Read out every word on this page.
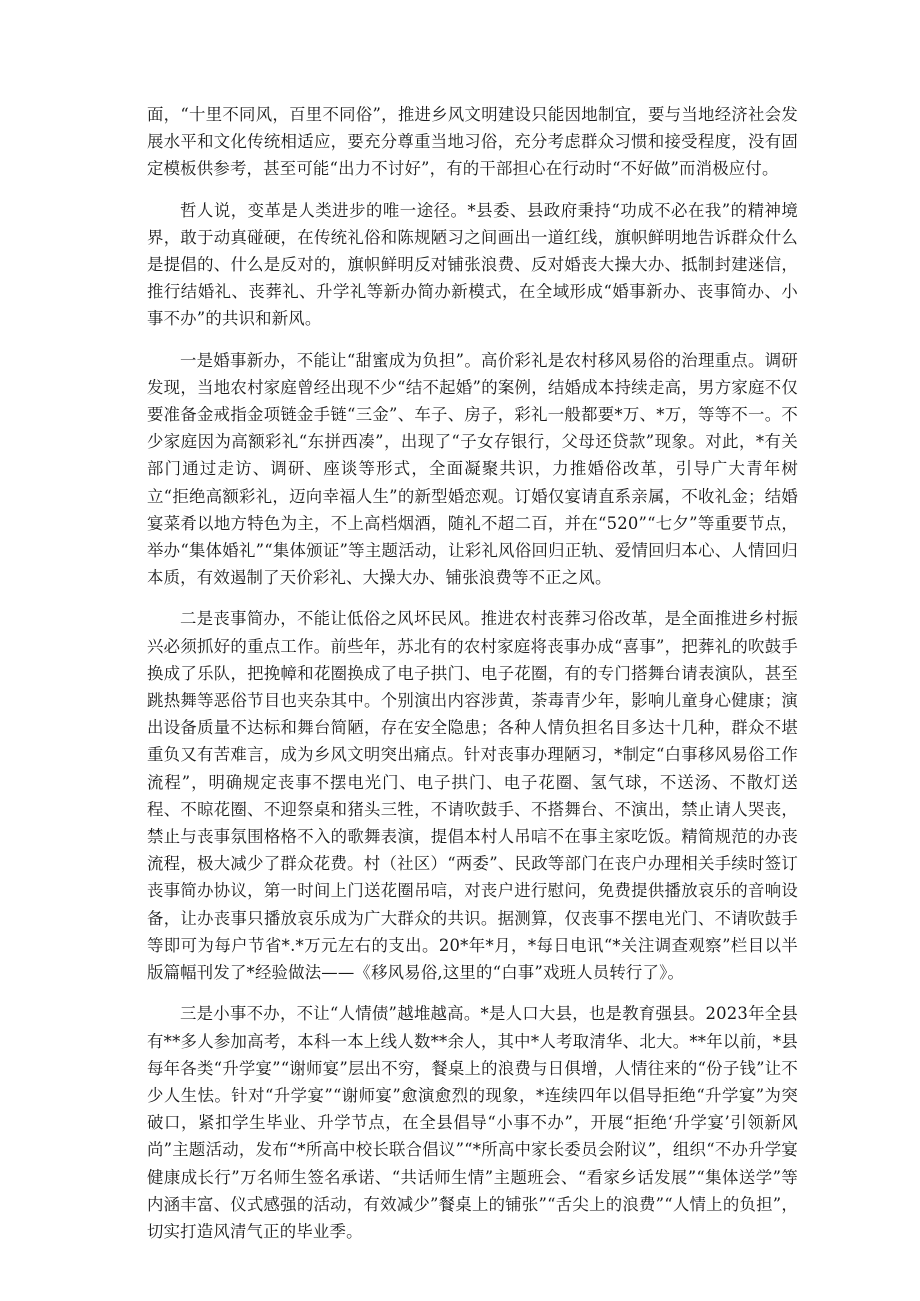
面，“十里不同风，百里不同俗”，推进乡风文明建设只能因地制宜，要与当地经济社会发展水平和文化传统相适应，要充分尊重当地习俗，充分考虑群众习惯和接受程度，没有固定模板供参考，甚至可能“出力不讨好”，有的干部担心在行动时“不好做”而消极应付。

哲人说，变革是人类进步的唯一途径。*县委、县政府秉持“功成不必在我”的精神境界，敢于动真碰硬，在传统礼俗和陈规陋习之间画出一道红线，旗帜鲜明地告诉群众什么是提倡的、什么是反对的，旗帜鲜明反对铺张浪费、反对婚丧大操大办、抵制封建迷信，推行结婚礼、丧葬礼、升学礼等新办简办新模式，在全域形成“婚事新办、丧事简办、小事不办”的共识和新风。

一是婚事新办，不能让“甜蜜成为负担”。高价彩礼是农村移风易俗的治理重点。调研发现，当地农村家庭曾经出现不少“结不起婚”的案例，结婚成本持续走高，男方家庭不仅要准备金戒指金项链金手链“三金”、车子、房子，彩礼一般都要*万、*万，等等不一。不少家庭因为高额彩礼“东拼西凑”，出现了“子女存银行，父母还贷款”现象。对此，*有关部门通过走访、调研、座谈等形式，全面凝聚共识，力推婚俗改革，引导广大青年树立“拒绝高额彩礼，迈向幸福人生”的新型婚恋观。订婚仅宴请直系亲属，不收礼金；结婚宴菜肴以地方特色为主，不上高档烟酒，随礼不超二百，并在“520”“七夕”等重要节点，举办“集体婚礼”“集体颁证”等主题活动，让彩礼风俗回归正轨、爱情回归本心、人情回归本质，有效遏制了天价彩礼、大操大办、铺张浪费等不正之风。

二是丧事简办，不能让低俗之风坏民风。推进农村丧葬习俗改革，是全面推进乡村振兴必须抓好的重点工作。前些年，苏北有的农村家庭将丧事办成“喜事”，把葬礼的吹鼓手换成了乐队，把挽幛和花圈换成了电子拱门、电子花圈，有的专门搭舞台请表演队，甚至跳热舞等恶俗节目也夹杂其中。个别演出内容涉黄，荼毒青少年，影响儿童身心健康；演出设备质量不达标和舞台简陋，存在安全隐患；各种人情负担名目多达十几种，群众不堪重负又有苦难言，成为乡风文明突出痛点。针对丧事办理陋习，*制定“白事移风易俗工作流程”，明确规定丧事不摆电光门、电子拱门、电子花圈、氢气球，不送汤、不散灯送程、不晾花圈、不迎祭桌和猪头三牲，不请吹鼓手、不搭舞台、不演出，禁止请人哭丧，禁止与丧事氛围格格不入的歌舞表演，提倡本村人吊唁不在事主家吃饭。精简规范的办丧流程，极大减少了群众花费。村（社区）“两委”、民政等部门在丧户办理相关手续时签订丧事简办协议，第一时间上门送花圈吊唁，对丧户进行慰问，免费提供播放哀乐的音响设备，让办丧事只播放哀乐成为广大群众的共识。据测算，仅丧事不摆电光门、不请吹鼓手等即可为每户节省*.*万元左右的支出。20*年*月，*每日电讯“*关注调查观察”栏目以半版篇幅刊发了*经验做法——《移风易俗,这里的“白事”戏班人员转行了》。

三是小事不办，不让“人情债”越堆越高。*是人口大县，也是教育强县。2023年全县有**多人参加高考，本科一本上线人数**余人，其中*人考取清华、北大。**年以前，*县每年各类“升学宴”“谢师宴”层出不穷，餐桌上的浪费与日俱增，人情往来的“份子钱”让不少人生怯。针对“升学宴”“谢师宴”愈演愈烈的现象，*连续四年以倡导拒绝“升学宴”为突破口，紧扣学生毕业、升学节点，在全县倡导“小事不办”，开展“拒绝‘升学宴’引领新风尚”主题活动，发布“*所高中校长联合倡议”“*所高中家长委员会附议”，组织“不办升学宴健康成长行”万名师生签名承诺、“共话师生情”主题班会、“看家乡话发展”“集体送学”等内涵丰富、仪式感强的活动，有效减少”餐桌上的铺张”“舌尖上的浪费”“人情上的负担”，切实打造风清气正的毕业季。
